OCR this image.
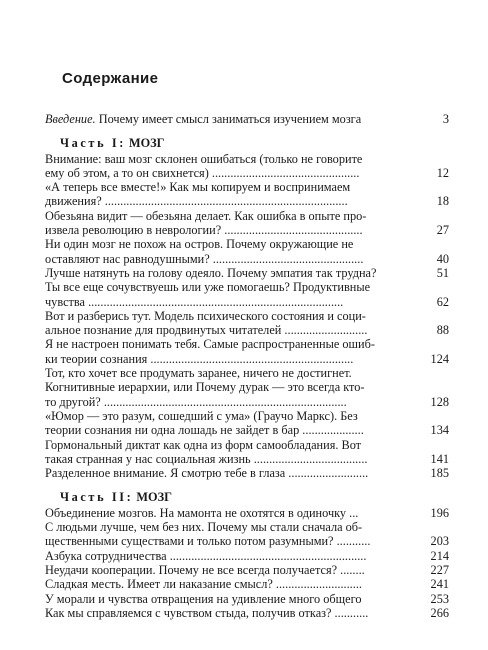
Содержание
Введение. Почему имеет смысл заниматься изучением мозга	3
Часть I: МОЗГ
Внимание: ваш мозг склонен ошибаться (только не говорите
ему об этом, а то он свихнется) ................................................	12
«А теперь все вместе!» Как мы копируем и воспринимаем
движения? ...............................................................................	18
Обезьяна видит — обезьяна делает. Как ошибка в опыте про-
извела революцию в неврологии? .............................................	27
Ни один мозг не похож на остров. Почему окружающие не
оставляют нас равнодушными? .................................................	40
Лучше натянуть на голову одеяло. Почему эмпатия так трудна?	51
Ты все еще сочувствуешь или уже помогаешь? Продуктивные
чувства ...................................................................................	62
Вот и разберись тут. Модель психического состояния и соци-
альное познание для продвинутых читателей ...........................	88
Я не настроен понимать тебя. Самые распространенные ошиб-
ки теории сознания ..................................................................	124
Тот, кто хочет все продумать заранее, ничего не достигнет.
Когнитивные иерархии, или Почему дурак — это всегда кто-
то другой? ...............................................................................	128
«Юмор — это разум, сошедший с ума» (Граучо Маркс). Без
теории сознания ни одна лошадь не зайдет в бар ....................	134
Гормональный диктат как одна из форм самообладания. Вот
такая странная у нас социальная жизнь .....................................	141
Разделенное внимание. Я смотрю тебе в глаза ..........................	185
Часть II: МОЗГ
Объединение мозгов. На мамонта не охотятся в одиночку ...	196
С людьми лучше, чем без них. Почему мы стали сначала об-
щественными существами и только потом разумными? ...........	203
Азбука сотрудничества ................................................................	214
Неудачи кооперации. Почему не все всегда получается? ........	227
Сладкая месть. Имеет ли наказание смысл? ............................	241
У морали и чувства отвращения на удивление много общего	253
Как мы справляемся с чувством стыда, получив отказ? ...........	266
